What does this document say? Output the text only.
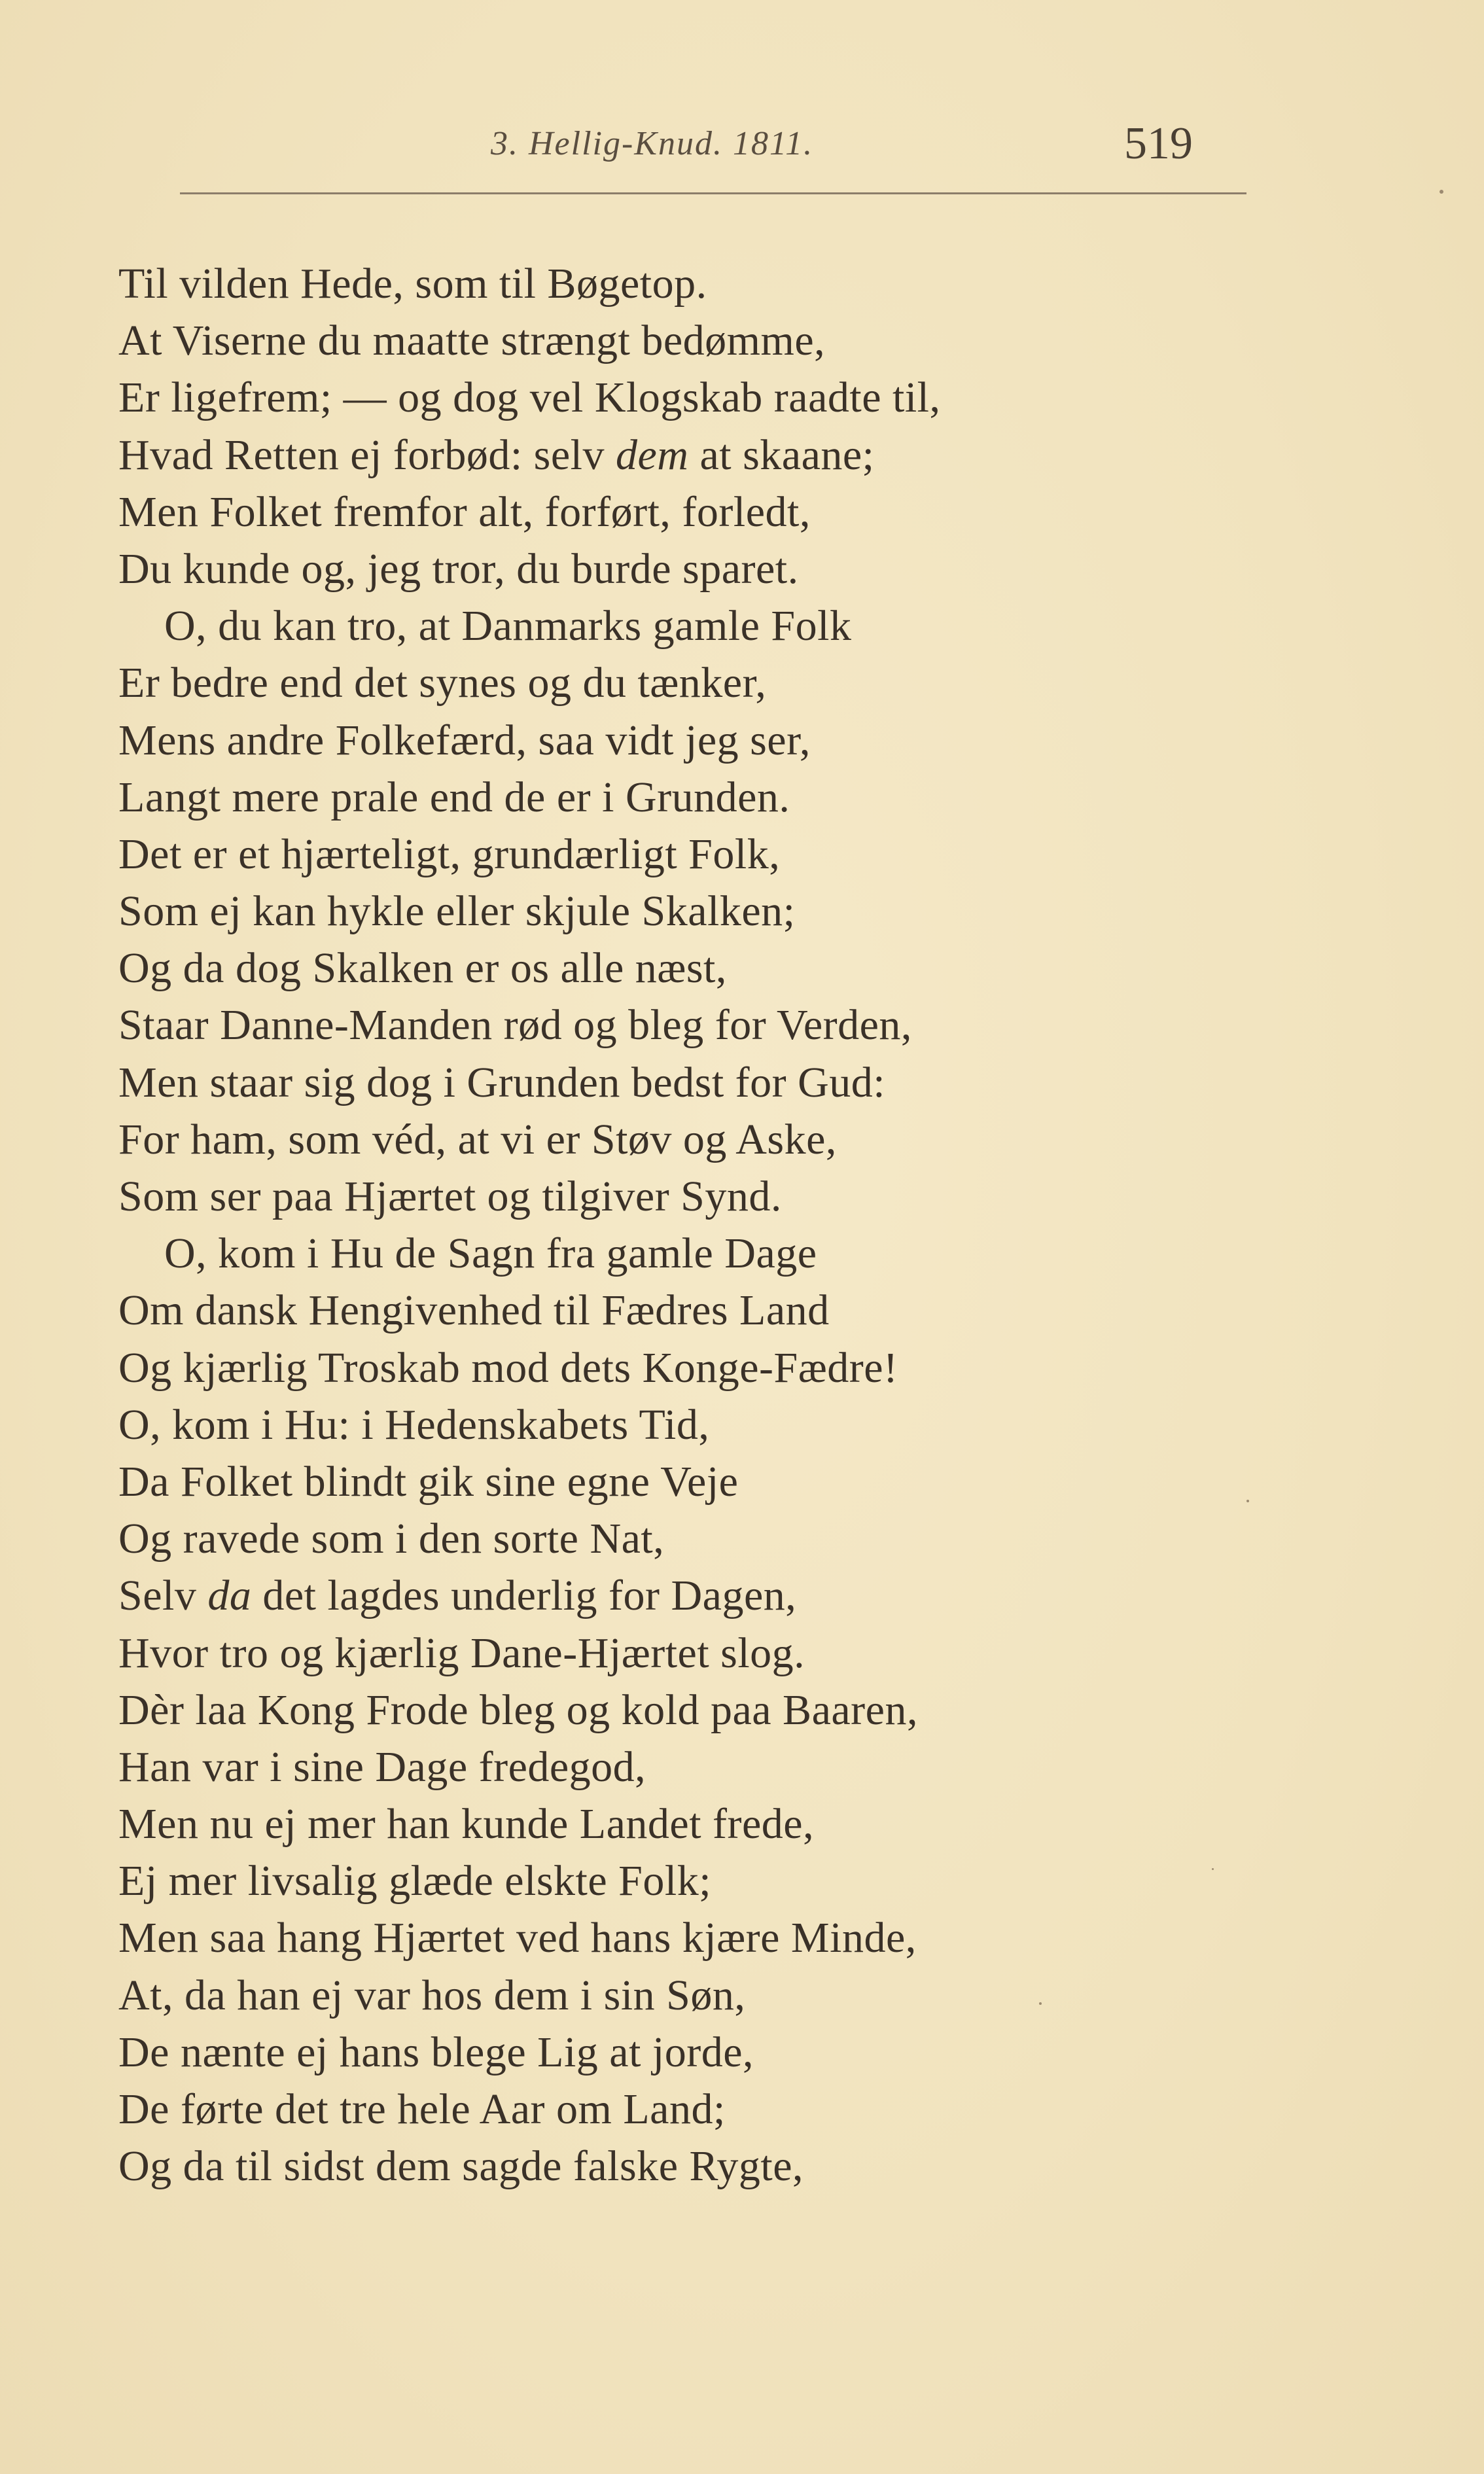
3. Hellig-Knud. 1811.	519
Til vilden Hede, som til Bøgetop.
At Viserne du maatte strængt bedømme,
Er ligefrem; — og dog vel Klogskab raadte til,
Hvad Retten ej forbød: selv dem at skaane;
Men Folket fremfor alt, forført, forledt,
Du kunde og, jeg tror, du burde sparet.
O, du kan tro, at Danmarks gamle Folk
Er bedre end det synes og du tænker,
Mens andre Folkefærd, saa vidt jeg ser,
Langt mere prale end de er i Grunden.
Det er et hjærteligt, grundærligt Folk,
Som ej kan hykle eller skjule Skalken;
Og da dog Skalken er os alle næst,
Staar Danne-Manden rød og bleg for Verden,
Men staar sig dog i Grunden bedst for Gud:
For ham, som véd, at vi er Støv og Aske,
Som ser paa Hjærtet og tilgiver Synd.
O, kom i Hu de Sagn fra gamle Dage
Om dansk Hengivenhed til Fædres Land
Og kjærlig Troskab mod dets Konge-Fædre!
O, kom i Hu: i Hedenskabets Tid,
Da Folket blindt gik sine egne Veje
Og ravede som i den sorte Nat,
Selv da det lagdes underlig for Dagen,
Hvor tro og kjærlig Dane-Hjærtet slog.
Dèr laa Kong Frode bleg og kold paa Baaren,
Han var i sine Dage fredegod,
Men nu ej mer han kunde Landet frede,
Ej mer livsalig glæde elskte Folk;
Men saa hang Hjærtet ved hans kjære Minde,
At, da han ej var hos dem i sin Søn,
De nænte ej hans blege Lig at jorde,
De førte det tre hele Aar om Land;
Og da til sidst dem sagde falske Rygte,
